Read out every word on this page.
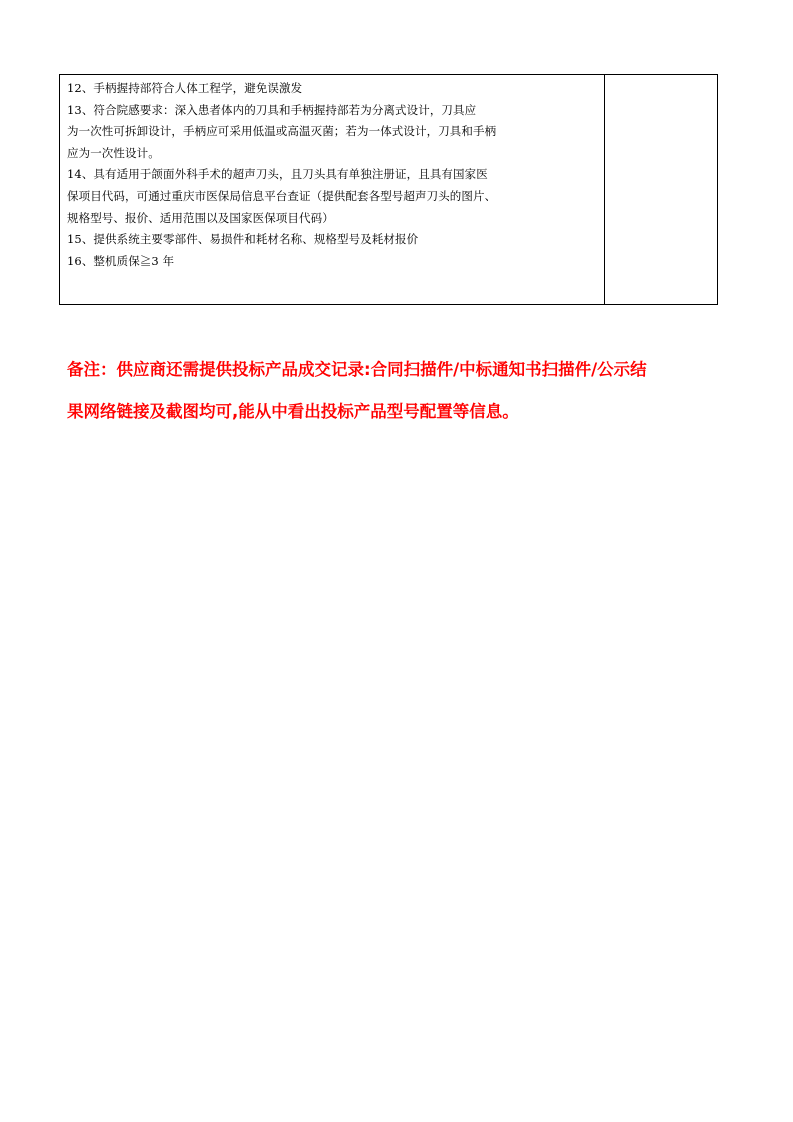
12、手柄握持部符合人体工程学，避免误激发
13、符合院感要求：深入患者体内的刀具和手柄握持部若为分离式设计，刀具应
为一次性可拆卸设计，手柄应可采用低温或高温灭菌；若为一体式设计，刀具和手柄
应为一次性设计。
14、具有适用于颌面外科手术的超声刀头，且刀头具有单独注册证，且具有国家医
保项目代码，可通过重庆市医保局信息平台查证（提供配套各型号超声刀头的图片、
规格型号、报价、适用范围以及国家医保项目代码）
15、提供系统主要零部件、易损件和耗材名称、规格型号及耗材报价
16、整机质保≧3 年
备注：供应商还需提供投标产品成交记录:合同扫描件/中标通知书扫描件/公示结
果网络链接及截图均可,能从中看出投标产品型号配置等信息。
